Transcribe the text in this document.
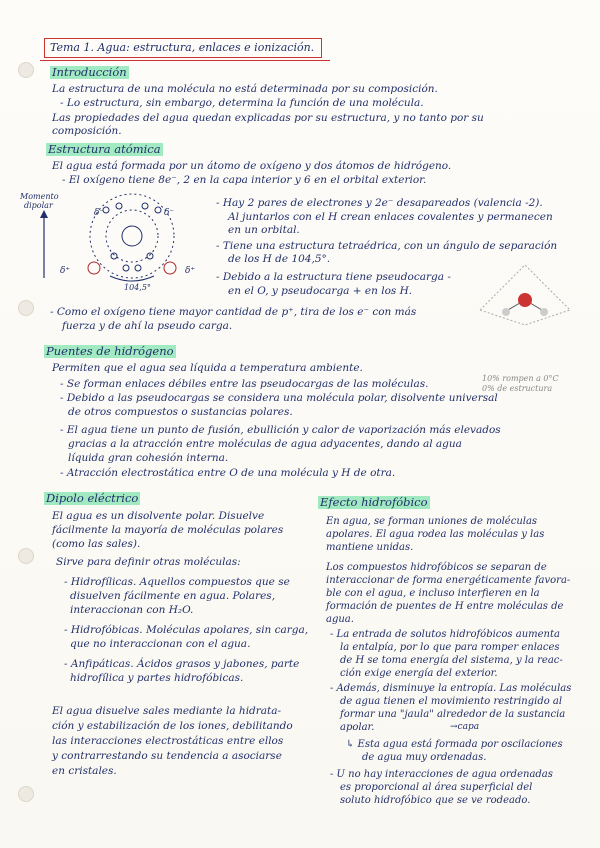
Tema 1. Agua: estructura, enlaces e ionización.
Introducción
La estructura de una molécula no está determinada por su composición.
- Lo estructura, sin embargo, determina la función de una molécula.
Las propiedades del agua quedan explicadas por su estructura, y no tanto por su
composición.
Estructura atómica
El agua está formada por un átomo de oxígeno y dos átomos de hidrógeno.
- El oxígeno tiene 8e⁻, 2 en la capa interior y 6 en el orbital exterior.
Momento
dipolar
δ⁻	δ⁻
δ⁺	δ⁺
104,5°
- Hay 2 pares de electrones y 2e⁻ desapareados (valencia -2).
Al juntarlos con el H crean enlaces covalentes y permanecen
en un orbital.
- Tiene una estructura tetraédrica, con un ángulo de separación
de los H de 104,5°.
- Debido a la estructura tiene pseudocarga -
en el O, y pseudocarga + en los H.
- Como el oxígeno tiene mayor cantidad de p⁺, tira de los e⁻ con más
fuerza y de ahí la pseudo carga.
Puentes de hidrógeno
Permiten que el agua sea líquida a temperatura ambiente.
- Se forman enlaces débiles entre las pseudocargas de las moléculas.
- Debido a las pseudocargas se considera una molécula polar, disolvente universal
de otros compuestos o sustancias polares.
- El agua tiene un punto de fusión, ebullición y calor de vaporización más elevados
gracias a la atracción entre moléculas de agua adyacentes, dando al agua
líquida gran cohesión interna.
- Atracción electrostática entre O de una molécula y H de otra.
10% rompen a 0°C
0% de estructura
Dipolo eléctrico
El agua es un disolvente polar. Disuelve
fácilmente la mayoría de moléculas polares
(como las sales).
Sirve para definir otras moléculas:
- Hidrofílicas. Aquellos compuestos que se
disuelven fácilmente en agua. Polares,
interaccionan con H₂O.
- Hidrofóbicas. Moléculas apolares, sin carga,
que no interaccionan con el agua.
- Anfipáticas. Ácidos grasos y jabones, parte
hidrofílica y partes hidrofóbicas.
El agua disuelve sales mediante la hidrata-
ción y estabilización de los iones, debilitando
las interacciones electrostáticas entre ellos
y contrarrestando su tendencia a asociarse
en cristales.
Efecto hidrofóbico
En agua, se forman uniones de moléculas
apolares. El agua rodea las moléculas y las
mantiene unidas.
Los compuestos hidrofóbicos se separan de
interaccionar de forma energéticamente favora-
ble con el agua, e incluso interfieren en la
formación de puentes de H entre moléculas de
agua.
- La entrada de solutos hidrofóbicos aumenta
la entalpía, por lo que para romper enlaces
de H se toma energía del sistema, y la reac-
ción exige energía del exterior.
- Además, disminuye la entropía. Las moléculas
de agua tienen el movimiento restringido al
formar una "jaula" alrededor de la sustancia
apolar.	→capa
↳ Esta agua está formada por oscilaciones
de agua muy ordenadas.
- U no hay interacciones de agua ordenadas
es proporcional al área superficial del
soluto hidrofóbico que se ve rodeado.
